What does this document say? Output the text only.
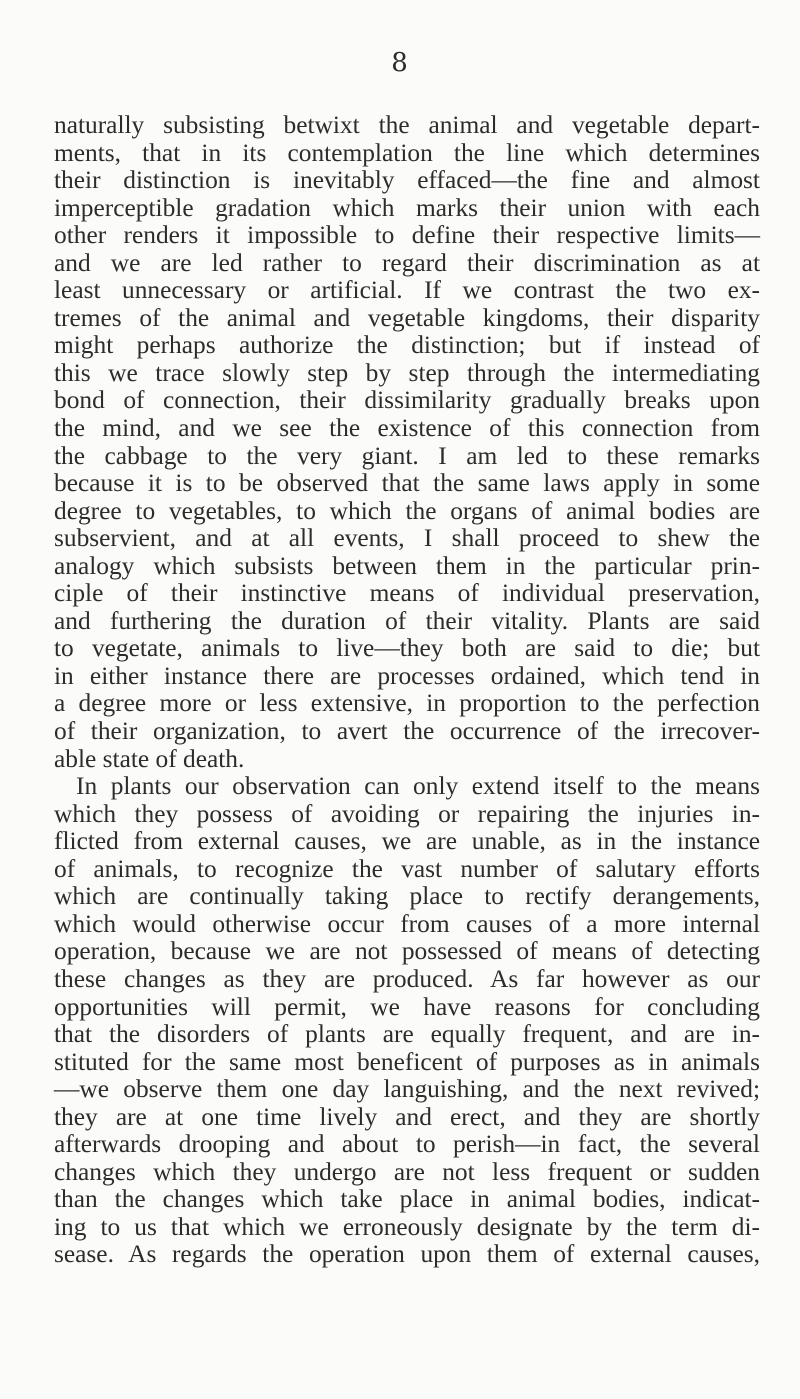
8
naturally subsisting betwixt the animal and vegetable depart-
ments, that in its contemplation the line which determines
their distinction is inevitably effaced—the fine and almost
imperceptible gradation which marks their union with each
other renders it impossible to define their respective limits—
and we are led rather to regard their discrimination as at
least unnecessary or artificial. If we contrast the two ex-
tremes of the animal and vegetable kingdoms, their disparity
might perhaps authorize the distinction; but if instead of
this we trace slowly step by step through the intermediating
bond of connection, their dissimilarity gradually breaks upon
the mind, and we see the existence of this connection from
the cabbage to the very giant. I am led to these remarks
because it is to be observed that the same laws apply in some
degree to vegetables, to which the organs of animal bodies are
subservient, and at all events, I shall proceed to shew the
analogy which subsists between them in the particular prin-
ciple of their instinctive means of individual preservation,
and furthering the duration of their vitality. Plants are said
to vegetate, animals to live—they both are said to die; but
in either instance there are processes ordained, which tend in
a degree more or less extensive, in proportion to the perfection
of their organization, to avert the occurrence of the irrecover-
able state of death.
In plants our observation can only extend itself to the means
which they possess of avoiding or repairing the injuries in-
flicted from external causes, we are unable, as in the instance
of animals, to recognize the vast number of salutary efforts
which are continually taking place to rectify derangements,
which would otherwise occur from causes of a more internal
operation, because we are not possessed of means of detecting
these changes as they are produced. As far however as our
opportunities will permit, we have reasons for concluding
that the disorders of plants are equally frequent, and are in-
stituted for the same most beneficent of purposes as in animals
—we observe them one day languishing, and the next revived;
they are at one time lively and erect, and they are shortly
afterwards drooping and about to perish—in fact, the several
changes which they undergo are not less frequent or sudden
than the changes which take place in animal bodies, indicat-
ing to us that which we erroneously designate by the term di-
sease. As regards the operation upon them of external causes,
